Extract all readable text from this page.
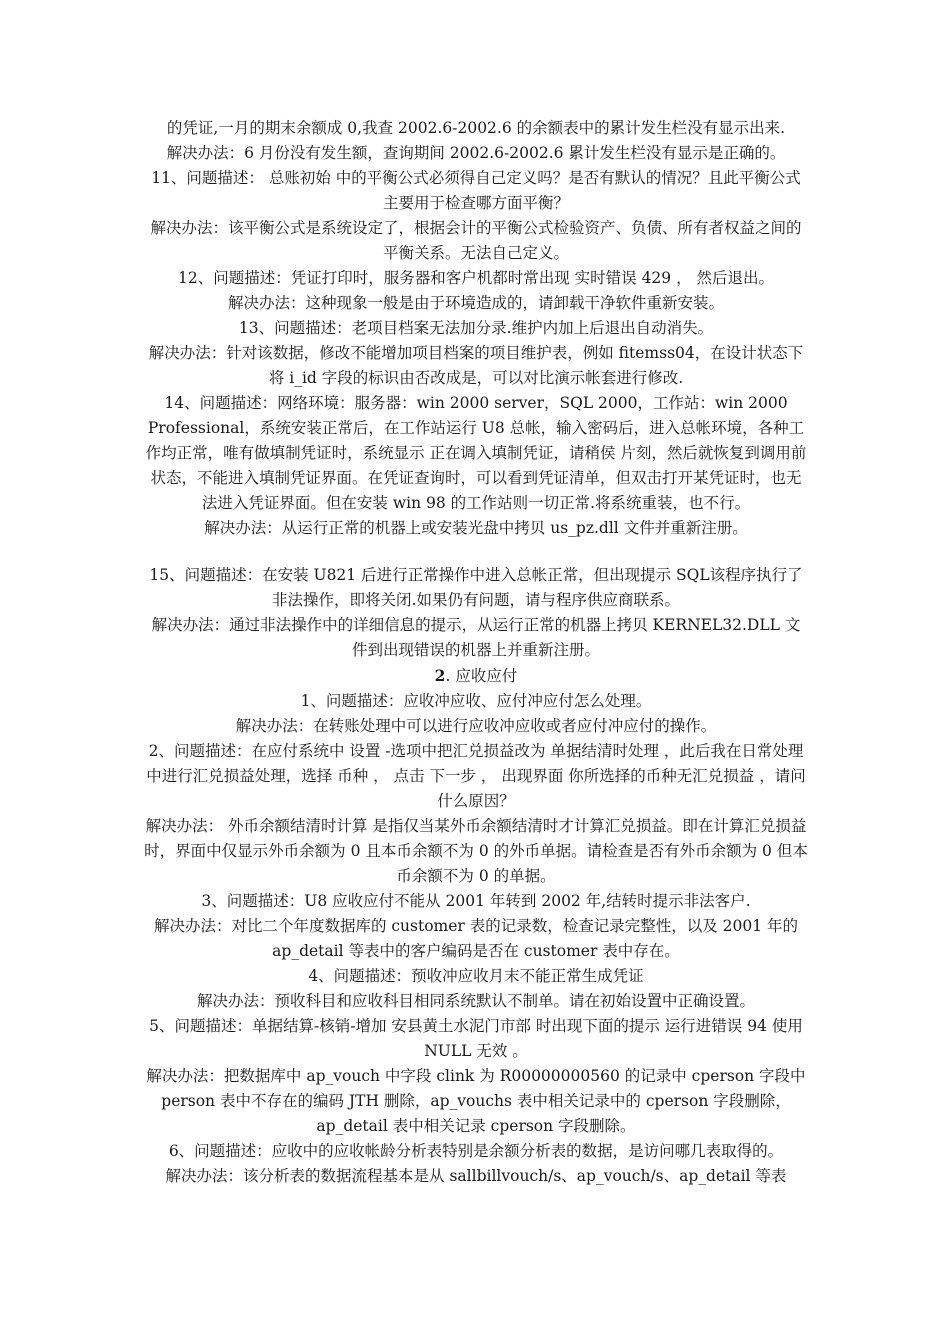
的凭证,一月的期末余额成 0,我查 2002.6-2002.6 的余额表中的累计发生栏没有显示出来.

解决办法：6 月份没有发生额，查询期间 2002.6-2002.6 累计发生栏没有显示是正确的。

11、问题描述： 总账初始 中的平衡公式必须得自己定义吗？是否有默认的情况？且此平衡公式主要用于检查哪方面平衡？

解决办法：该平衡公式是系统设定了，根据会计的平衡公式检验资产、负债、所有者权益之间的平衡关系。无法自己定义。

12、问题描述：凭证打印时，服务器和客户机都时常出现 实时错误 429 ， 然后退出。

解决办法：这种现象一般是由于环境造成的，请卸载干净软件重新安装。

13、问题描述：老项目档案无法加分录.维护内加上后退出自动消失。

解决办法：针对该数据，修改不能增加项目档案的项目维护表，例如 fitemss04，在设计状态下将 i_id 字段的标识由否改成是，可以对比演示帐套进行修改.

14、问题描述：网络环境：服务器：win 2000 server，SQL 2000，工作站：win 2000 Professional，系统安装正常后，在工作站运行 U8 总帐，输入密码后，进入总帐环境，各种工作均正常，唯有做填制凭证时，系统显示 正在调入填制凭证，请稍侯 片刻，然后就恢复到调用前状态，不能进入填制凭证界面。在凭证查询时，可以看到凭证清单，但双击打开某凭证时，也无法进入凭证界面。但在安装 win 98 的工作站则一切正常.将系统重装，也不行。

解决办法：从运行正常的机器上或安装光盘中拷贝 us_pz.dll 文件并重新注册。

15、问题描述：在安装 U821 后进行正常操作中进入总帐正常，但出现提示 SQL该程序执行了非法操作，即将关闭.如果仍有问题，请与程序供应商联系。

解决办法：通过非法操作中的详细信息的提示，从运行正常的机器上拷贝 KERNEL32.DLL 文件到出现错误的机器上并重新注册。

2. 应收应付

1、问题描述：应收冲应收、应付冲应付怎么处理。

解决办法：在转账处理中可以进行应收冲应收或者应付冲应付的操作。

2、问题描述：在应付系统中 设置 -选项中把汇兑损益改为 单据结清时处理 ，此后我在日常处理中进行汇兑损益处理，选择 币种 ， 点击 下一步 ， 出现界面 你所选择的币种无汇兑损益 ，请问什么原因？

解决办法： 外币余额结清时计算 是指仅当某外币余额结清时才计算汇兑损益。即在计算汇兑损益时，界面中仅显示外币余额为 0 且本币余额不为 0 的外币单据。请检查是否有外币余额为 0 但本币余额不为 0 的单据。

3、问题描述：U8 应收应付不能从 2001 年转到 2002 年,结转时提示非法客户.

解决办法：对比二个年度数据库的 customer 表的记录数，检查记录完整性，以及 2001 年的 ap_detail 等表中的客户编码是否在 customer 表中存在。

4、问题描述：预收冲应收月末不能正常生成凭证

解决办法：预收科目和应收科目相同系统默认不制单。请在初始设置中正确设置。

5、问题描述：单据结算-核销-增加 安县黄土水泥门市部 时出现下面的提示 运行进错误 94 使用 NULL 无效 。

解决办法：把数据库中 ap_vouch 中字段 clink 为 R00000000560 的记录中 cperson 字段中 person 表中不存在的编码 JTH 删除，ap_vouchs 表中相关记录中的 cperson 字段删除，ap_detail 表中相关记录 cperson 字段删除。

6、问题描述：应收中的应收帐龄分析表特别是余额分析表的数据，是访问哪几表取得的。

解决办法：该分析表的数据流程基本是从 sallbillvouch/s、ap_vouch/s、ap_detail 等表
